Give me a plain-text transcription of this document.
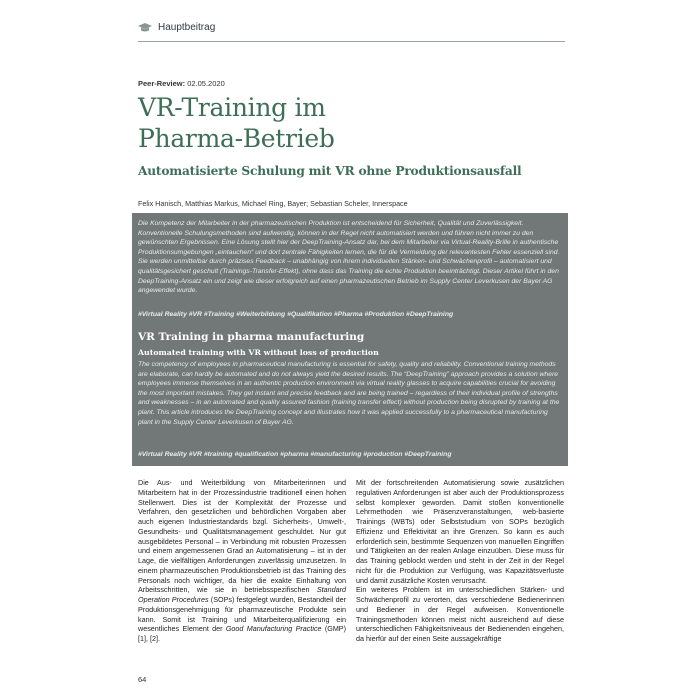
Hauptbeitrag
Peer-Review: 02.05.2020
VR-Training im
Pharma-Betrieb
Automatisierte Schulung mit VR ohne Produktionsausfall
Felix Hanisch, Matthias Markus, Michael Ring, Bayer; Sebastian Scheler, Innerspace

Die Kompetenz der Mitarbeiter in der pharmazeutischen Produktion ist entscheidend für Sicherheit, Qualität und Zuverlässigkeit. Konventionelle Schulungsmethoden sind aufwendig, können in der Regel nicht automatisiert werden und führen nicht immer zu den gewünschten Ergebnissen. Eine Lösung stellt hier der DeepTraining-Ansatz dar, bei dem Mitarbeiter via Virtual-Reality-Brille in authentische Produktionsumgebungen „eintauchen“ und dort zentrale Fähigkeiten lernen, die für die Vermeidung der relevantesten Fehler essenziell sind. Sie werden unmittelbar durch präzises Feedback – unabhängig von ihrem individuellen Stärken- und Schwächenprofil – automatisiert und qualitätsgesichert geschult (Trainings-Transfer-Effekt), ohne dass das Training die echte Produktion beeinträchtigt. Dieser Artikel führt in den DeepTraining-Ansatz ein und zeigt wie dieser erfolgreich auf einen pharmazeutischen Betrieb im Supply Center Leverkusen der Bayer AG angewendet wurde.

#Virtual Reality #VR #Training #Weiterbildung #Qualifikation #Pharma #Produktion #DeepTraining

VR Training in pharma manufacturing
Automated training with VR without loss of production

The competency of employees in pharmaceutical manufacturing is essential for safety, quality and reliability. Conventional training methods are elaborate, can hardly be automated and do not always yield the desired results. The “DeepTraining” approach provides a solution where employees immerse themselves in an authentic production environment via virtual reality glasses to acquire capabilities crucial for avoiding the most important mistakes. They get instant and precise feedback and are being trained – regardless of their individual profile of strengths and weaknesses – in an automated and quality assured fashion (training transfer effect) without production being disrupted by training at the plant. This article introduces the DeepTraining concept and illustrates how it was applied successfully to a pharmaceutical manufacturing plant in the Supply Center Leverkusen of Bayer AG.

#Virtual Reality #VR #training #qualification #pharma #manufacturing #production #DeepTraining

Die Aus- und Weiterbildung von Mitarbeiterinnen und Mitarbeitern hat in der Prozessindustrie traditionell einen hohen Stellenwert. Dies ist der Komplexität der Prozesse und Verfahren, den gesetzlichen und behördlichen Vorgaben aber auch eigenen Industriestandards bzgl. Sicherheits-, Umwelt-, Gesundheits- und Qualitätsmanagement geschuldet. Nur gut ausgebildetes Personal – in Verbindung mit robusten Prozessen und einem angemessenen Grad an Automatisierung – ist in der Lage, die vielfältigen Anforderungen zuverlässig umzusetzen. In einem pharmazeutischen Produktionsbetrieb ist das Training des Personals noch wichtiger, da hier die exakte Einhaltung von Arbeitsschritten, wie sie in betriebsspezifischen Standard Operation Procedures (SOPs) festgelegt wurden, Bestandteil der Produktionsgenehmigung für pharmazeutische Produkte sein kann. Somit ist Training und Mitarbeiterqualifizierung ein wesentliches Element der Good Manufacturing Practice (GMP) [1], [2].

Mit der fortschreitenden Automatisierung sowie zusätzlichen regulativen Anforderungen ist aber auch der Produktionsprozess selbst komplexer geworden. Damit stoßen konventionelle Lehrmethoden wie Präsenzveranstaltungen, web-basierte Trainings (WBTs) oder Selbststudium von SOPs bezüglich Effizienz und Effektivität an ihre Grenzen. So kann es auch erforderlich sein, bestimmte Sequenzen von manuellen Eingriffen und Tätigkeiten an der realen Anlage einzuüben. Diese muss für das Training geblockt werden und steht in der Zeit in der Regel nicht für die Produktion zur Verfügung, was Kapazitätsverluste und damit zusätzliche Kosten verursacht.

Ein weiteres Problem ist im unterschiedlichen Stärken- und Schwächenprofil zu verorten, das verschiedene Bedienerinnen und Bediener in der Regel aufweisen. Konventionelle Trainingsmethoden können meist nicht ausreichend auf diese unterschiedlichen Fähigkeitsniveaus der Bedienenden eingehen, da hierfür auf der einen Seite aussagekräftige

64
